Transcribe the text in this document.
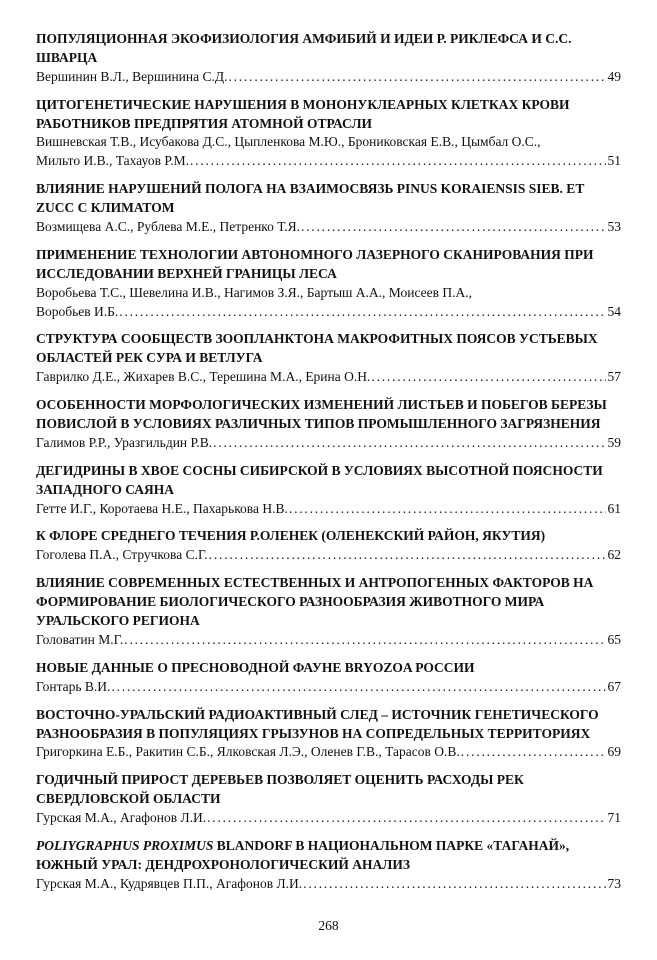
ПОПУЛЯЦИОННАЯ ЭКОФИЗИОЛОГИЯ АМФИБИЙ И ИДЕИ Р. РИКЛЕФСА И С.С. ШВАРЦА
Вершинин В.Л., Вершинина С.Д. .....	49
ЦИТОГЕНЕТИЧЕСКИЕ НАРУШЕНИЯ В МОНОНУКЛЕАРНЫХ КЛЕТКАХ КРОВИ РАБОТНИКОВ ПРЕДПРЯТИЯ АТОМНОЙ ОТРАСЛИ
Вишневская Т.В., Исубакова Д.С., Цыпленкова М.Ю., Брониковская Е.В., Цымбал О.С.,
Мильто И.В., Тахауов Р.М. .....	51
ВЛИЯНИЕ НАРУШЕНИЙ ПОЛОГА НА ВЗАИМОСВЯЗЬ PINUS KORAIENSIS SIEB. ET ZUCC С КЛИМАТОМ
Возмищева А.С., Рублева М.Е., Петренко Т.Я. .....	53
ПРИМЕНЕНИЕ ТЕХНОЛОГИИ АВТОНОМНОГО ЛАЗЕРНОГО СКАНИРОВАНИЯ ПРИ ИССЛЕДОВАНИИ ВЕРХНЕЙ ГРАНИЦЫ ЛЕСА
Воробьева Т.С., Шевелина И.В., Нагимов З.Я., Бартыш А.А., Моисеев П.А.,
Воробьев И.Б. .....	54
СТРУКТУРА СООБЩЕСТВ ЗООПЛАНКТОНА МАКРОФИТНЫХ ПОЯСОВ УСТЬЕВЫХ ОБЛАСТЕЙ РЕК СУРА И ВЕТЛУГА
Гаврилко Д.Е., Жихарев В.С., Терешина М.А., Ерина О.Н. .....	57
ОСОБЕННОСТИ МОРФОЛОГИЧЕСКИХ ИЗМЕНЕНИЙ ЛИСТЬЕВ И ПОБЕГОВ БЕРЕЗЫ ПОВИСЛОЙ В УСЛОВИЯХ РАЗЛИЧНЫХ ТИПОВ ПРОМЫШЛЕННОГО ЗАГРЯЗНЕНИЯ
Галимов Р.Р., Уразгильдин Р.В. .....	59
ДЕГИДРИНЫ В ХВОЕ СОСНЫ СИБИРСКОЙ В УСЛОВИЯХ ВЫСОТНОЙ ПОЯСНОСТИ ЗАПАДНОГО САЯНА
Гетте И.Г., Коротаева Н.Е., Пахарькова Н.В. .....	61
К ФЛОРЕ СРЕДНЕГО ТЕЧЕНИЯ Р.ОЛЕНЕК (ОЛЕНЕКСКИЙ РАЙОН, ЯКУТИЯ)
Гоголева П.А., Стручкова С.Г. .....	62
ВЛИЯНИЕ СОВРЕМЕННЫХ ЕСТЕСТВЕННЫХ И АНТРОПОГЕННЫХ ФАКТОРОВ НА ФОРМИРОВАНИЕ БИОЛОГИЧЕСКОГО РАЗНООБРАЗИЯ ЖИВОТНОГО МИРА УРАЛЬСКОГО РЕГИОНА
Головатин М.Г. .....	65
НОВЫЕ ДАННЫЕ О ПРЕСНОВОДНОЙ ФАУНЕ BRYOZOA РОССИИ
Гонтарь В.И. .....	67
ВОСТОЧНО-УРАЛЬСКИЙ РАДИОАКТИВНЫЙ СЛЕД – ИСТОЧНИК ГЕНЕТИЧЕСКОГО РАЗНООБРАЗИЯ В ПОПУЛЯЦИЯХ ГРЫЗУНОВ НА СОПРЕДЕЛЬНЫХ ТЕРРИТОРИЯХ
Григоркина Е.Б., Ракитин С.Б., Ялковская Л.Э., Оленев Г.В., Тарасов О.В. .....	69
ГОДИЧНЫЙ ПРИРОСТ ДЕРЕВЬЕВ ПОЗВОЛЯЕТ ОЦЕНИТЬ РАСХОДЫ РЕК СВЕРДЛОВСКОЙ ОБЛАСТИ
Гурская М.А., Агафонов Л.И. .....	71
POLIYGRAPHUS PROXIMUS BLANDORF В НАЦИОНАЛЬНОМ ПАРКЕ «ТАГАНАЙ», ЮЖНЫЙ УРАЛ: ДЕНДРОХРОНОЛОГИЧЕСКИЙ АНАЛИЗ
Гурская М.А., Кудрявцев П.П., Агафонов Л.И. .....	73
268
